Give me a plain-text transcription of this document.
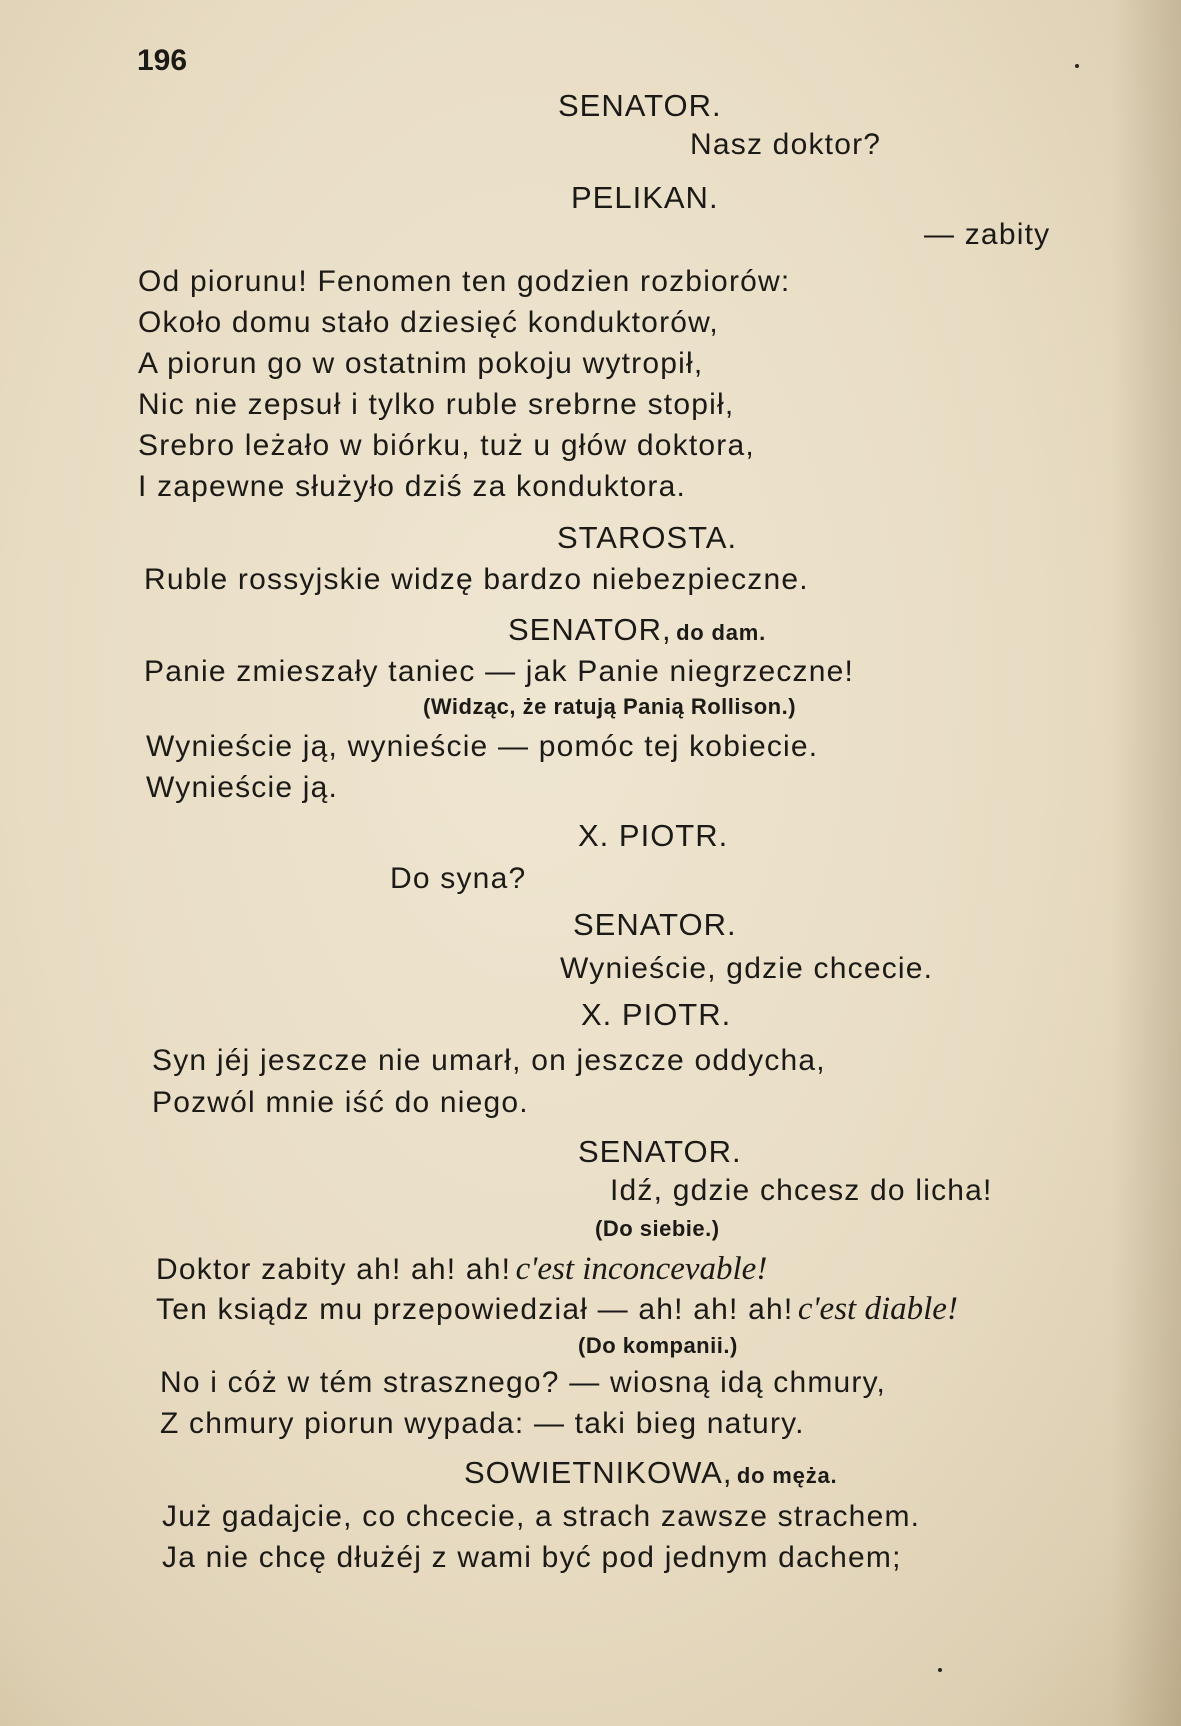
196
SENATOR.
Nasz doktor?
PELIKAN.
— zabity
Od piorunu! Fenomen ten godzien rozbiorów:
Około domu stało dziesięć konduktorów,
A piorun go w ostatnim pokoju wytropił,
Nic nie zepsuł i tylko ruble srebrne stopił,
Srebro leżało w biórku, tuż u głów doktora,
I zapewne służyło dziś za konduktora.
STAROSTA.
Ruble rossyjskie widzę bardzo niebezpieczne.
SENATOR, do dam.
Panie zmieszały taniec — jak Panie niegrzeczne!
(Widząc, że ratują Panią Rollison.)
Wynieście ją, wynieście — pomóc tej kobiecie.
Wynieście ją.
X. PIOTR.
Do syna?
SENATOR.
Wynieście, gdzie chcecie.
X. PIOTR.
Syn jéj jeszcze nie umarł, on jeszcze oddycha,
Pozwól mnie iść do niego.
SENATOR.
Idź, gdzie chcesz do licha!
(Do siebie.)
Doktor zabity ah! ah! ah! c'est inconcevable!
Ten ksiądz mu przepowiedział — ah! ah! ah! c'est diable!
(Do kompanii.)
No i cóż w tém strasznego? — wiosną idą chmury,
Z chmury piorun wypada: — taki bieg natury.
SOWIETNIKOWA, do męża.
Już gadajcie, co chcecie, a strach zawsze strachem.
Ja nie chcę dłużéj z wami być pod jednym dachem;
